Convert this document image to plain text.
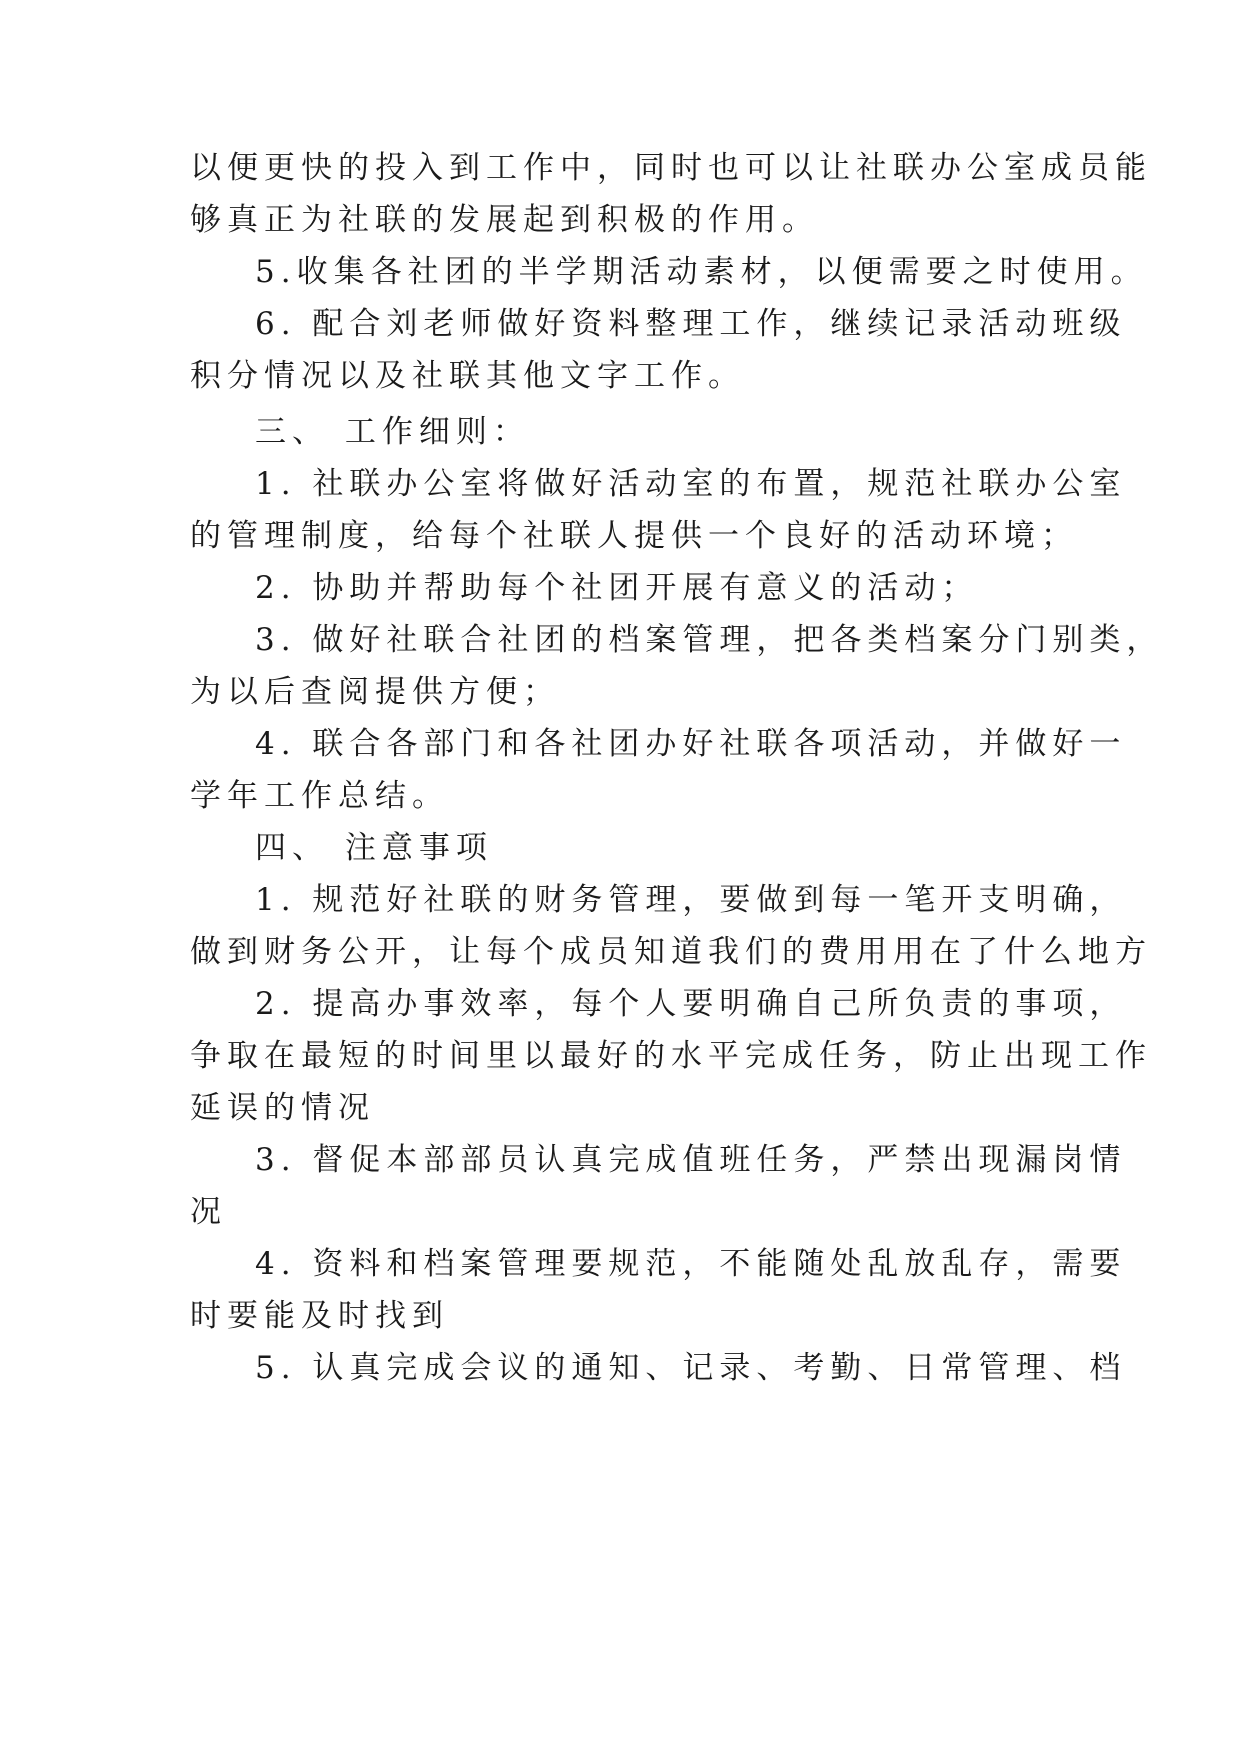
以便更快的投入到工作中，同时也可以让社联办公室成员能
够真正为社联的发展起到积极的作用。
5.收集各社团的半学期活动素材，以便需要之时使用。
6. 配合刘老师做好资料整理工作，继续记录活动班级
积分情况以及社联其他文字工作。
三、 工作细则：
1. 社联办公室将做好活动室的布置，规范社联办公室
的管理制度，给每个社联人提供一个良好的活动环境；
2. 协助并帮助每个社团开展有意义的活动；
3. 做好社联合社团的档案管理，把各类档案分门别类，
为以后查阅提供方便；
4. 联合各部门和各社团办好社联各项活动，并做好一
学年工作总结。
四、 注意事项
1. 规范好社联的财务管理，要做到每一笔开支明确，
做到财务公开，让每个成员知道我们的费用用在了什么地方
2. 提高办事效率，每个人要明确自己所负责的事项，
争取在最短的时间里以最好的水平完成任务，防止出现工作
延误的情况
3. 督促本部部员认真完成值班任务，严禁出现漏岗情
况
4. 资料和档案管理要规范，不能随处乱放乱存，需要
时要能及时找到
5. 认真完成会议的通知、记录、考勤、日常管理、档
